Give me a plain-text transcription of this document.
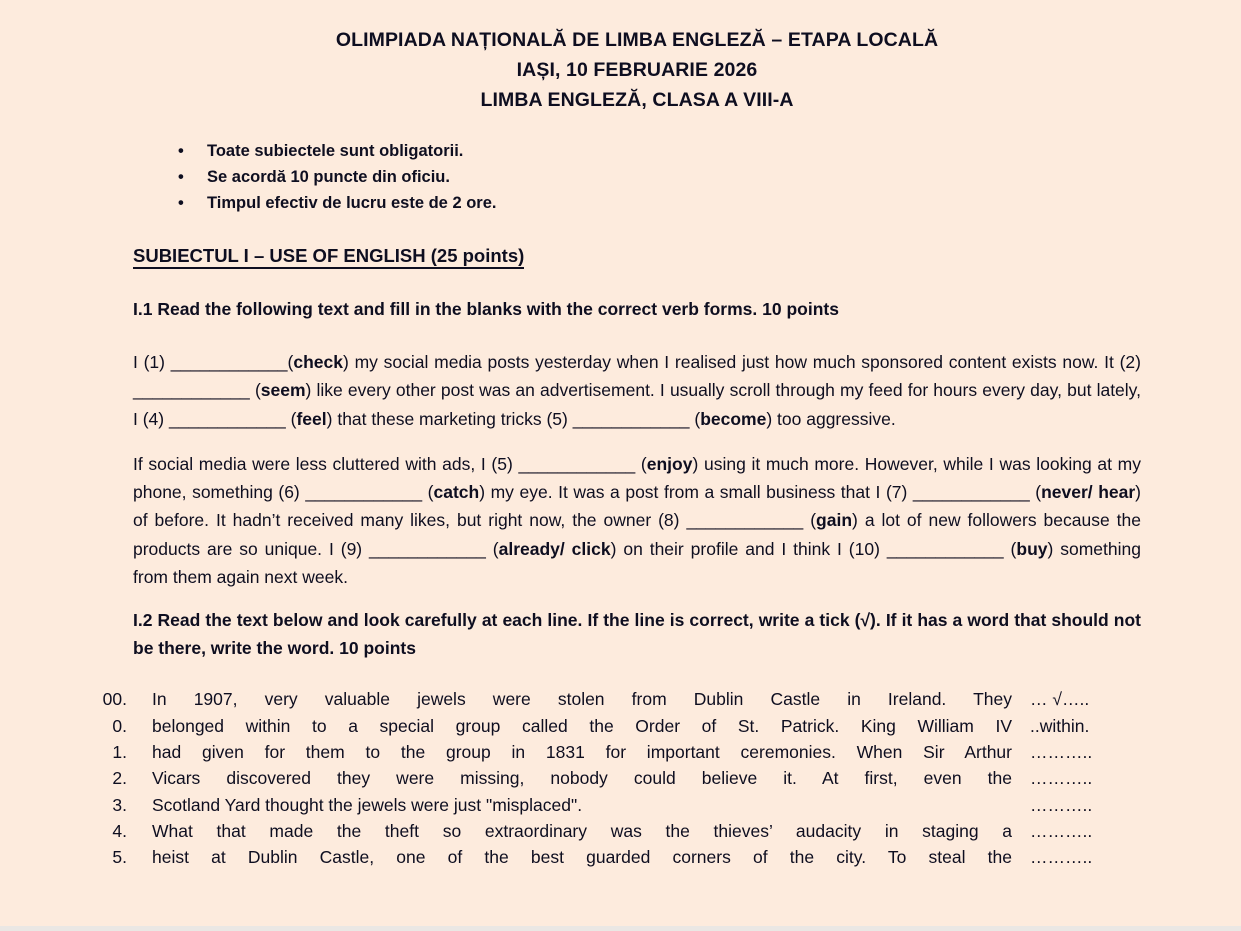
OLIMPIADA NAȚIONALĂ DE LIMBA ENGLEZĂ – ETAPA LOCALĂ
IAȘI, 10 FEBRUARIE 2026
LIMBA ENGLEZĂ, CLASA A VIII-A
• Toate subiectele sunt obligatorii.
• Se acordă 10 puncte din oficiu.
• Timpul efectiv de lucru este de 2 ore.
SUBIECTUL I – USE OF ENGLISH (25 points)

I.1 Read the following text and fill in the blanks with the correct verb forms. 10 points

I (1) ____________(check) my social media posts yesterday when I realised just how much sponsored content exists now. It (2) ____________ (seem) like every other post was an advertisement. I usually scroll through my feed for hours every day, but lately, I (4) ____________ (feel) that these marketing tricks (5) ____________ (become) too aggressive.

If social media were less cluttered with ads, I (5) ____________ (enjoy) using it much more. However, while I was looking at my phone, something (6) ____________ (catch) my eye. It was a post from a small business that I (7) ____________ (never/ hear) of before. It hadn’t received many likes, but right now, the owner (8) ____________ (gain) a lot of new followers because the products are so unique. I (9) ____________ (already/ click) on their profile and I think I (10) ____________ (buy) something from them again next week.

I.2 Read the text below and look carefully at each line. If the line is correct, write a tick (√). If it has a word that should not be there, write the word. 10 points

00. In 1907, very valuable jewels were stolen from Dublin Castle in Ireland. They … √…..
0. belonged within to a special group called the Order of St. Patrick. King William IV ..within.
1. had given for them to the group in 1831 for important ceremonies. When Sir Arthur ………..
2. Vicars discovered they were missing, nobody could believe it. At first, even the ………..
3. Scotland Yard thought the jewels were just "misplaced".	………..
4. What that made the theft so extraordinary was the thieves’ audacity in staging a ………..
5. heist at Dublin Castle, one of the best guarded corners of the city. To steal the ………..
